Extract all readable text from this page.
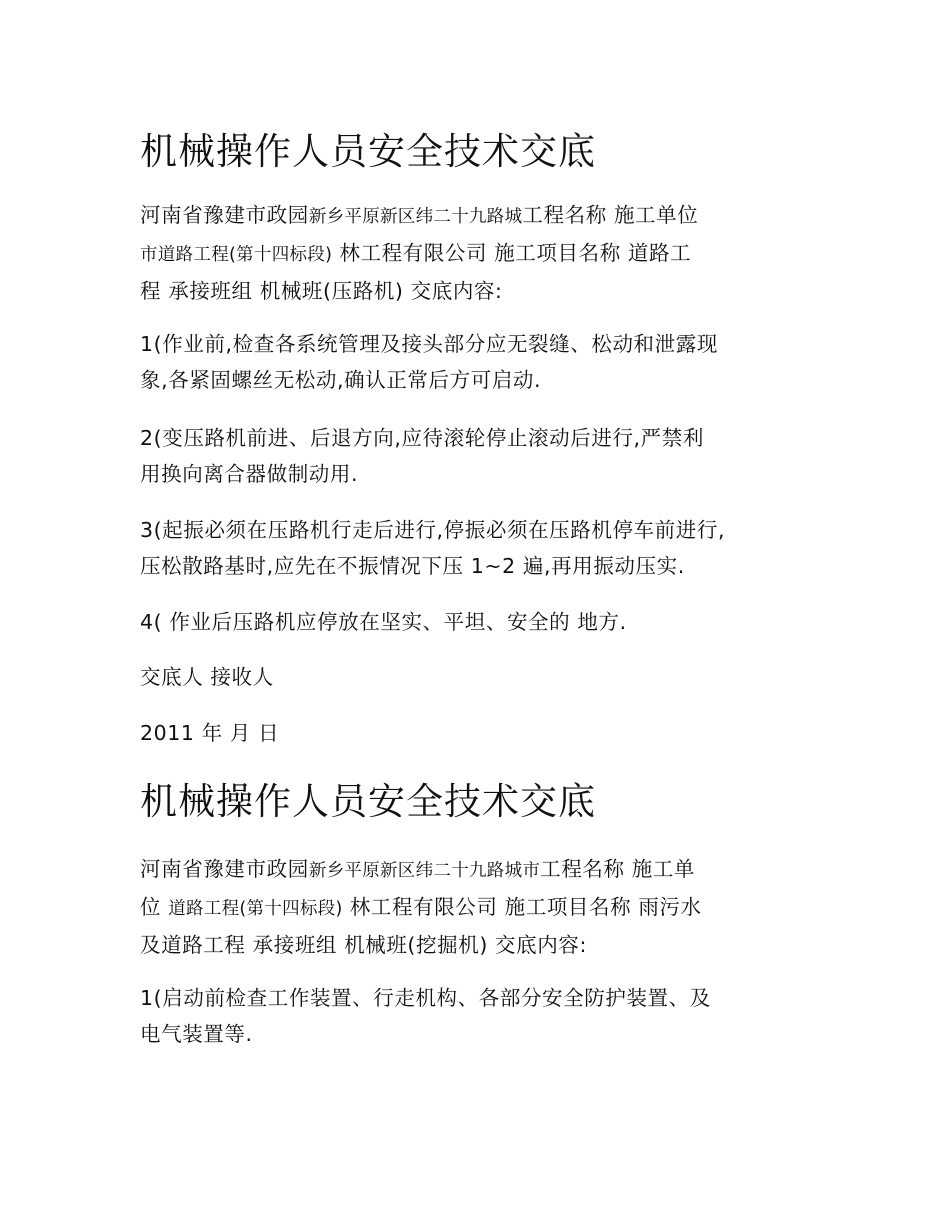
机械操作人员安全技术交底
河南省豫建市政园新乡平原新区纬二十九路城工程名称 施工单位
市道路工程(第十四标段) 林工程有限公司 施工项目名称 道路工
程 承接班组 机械班(压路机) 交底内容:
1(作业前,检查各系统管理及接头部分应无裂缝、松动和泄露现
象,各紧固螺丝无松动,确认正常后方可启动.
2(变压路机前进、后退方向,应待滚轮停止滚动后进行,严禁利
用换向离合器做制动用.
3(起振必须在压路机行走后进行,停振必须在压路机停车前进行,
压松散路基时,应先在不振情况下压 1~2 遍,再用振动压实.
4( 作业后压路机应停放在坚实、平坦、安全的 地方.
交底人 接收人
2011 年 月 日
机械操作人员安全技术交底
河南省豫建市政园新乡平原新区纬二十九路城市工程名称 施工单
位 道路工程(第十四标段) 林工程有限公司 施工项目名称 雨污水
及道路工程 承接班组 机械班(挖掘机) 交底内容:
1(启动前检查工作装置、行走机构、各部分安全防护装置、及
电气装置等.
